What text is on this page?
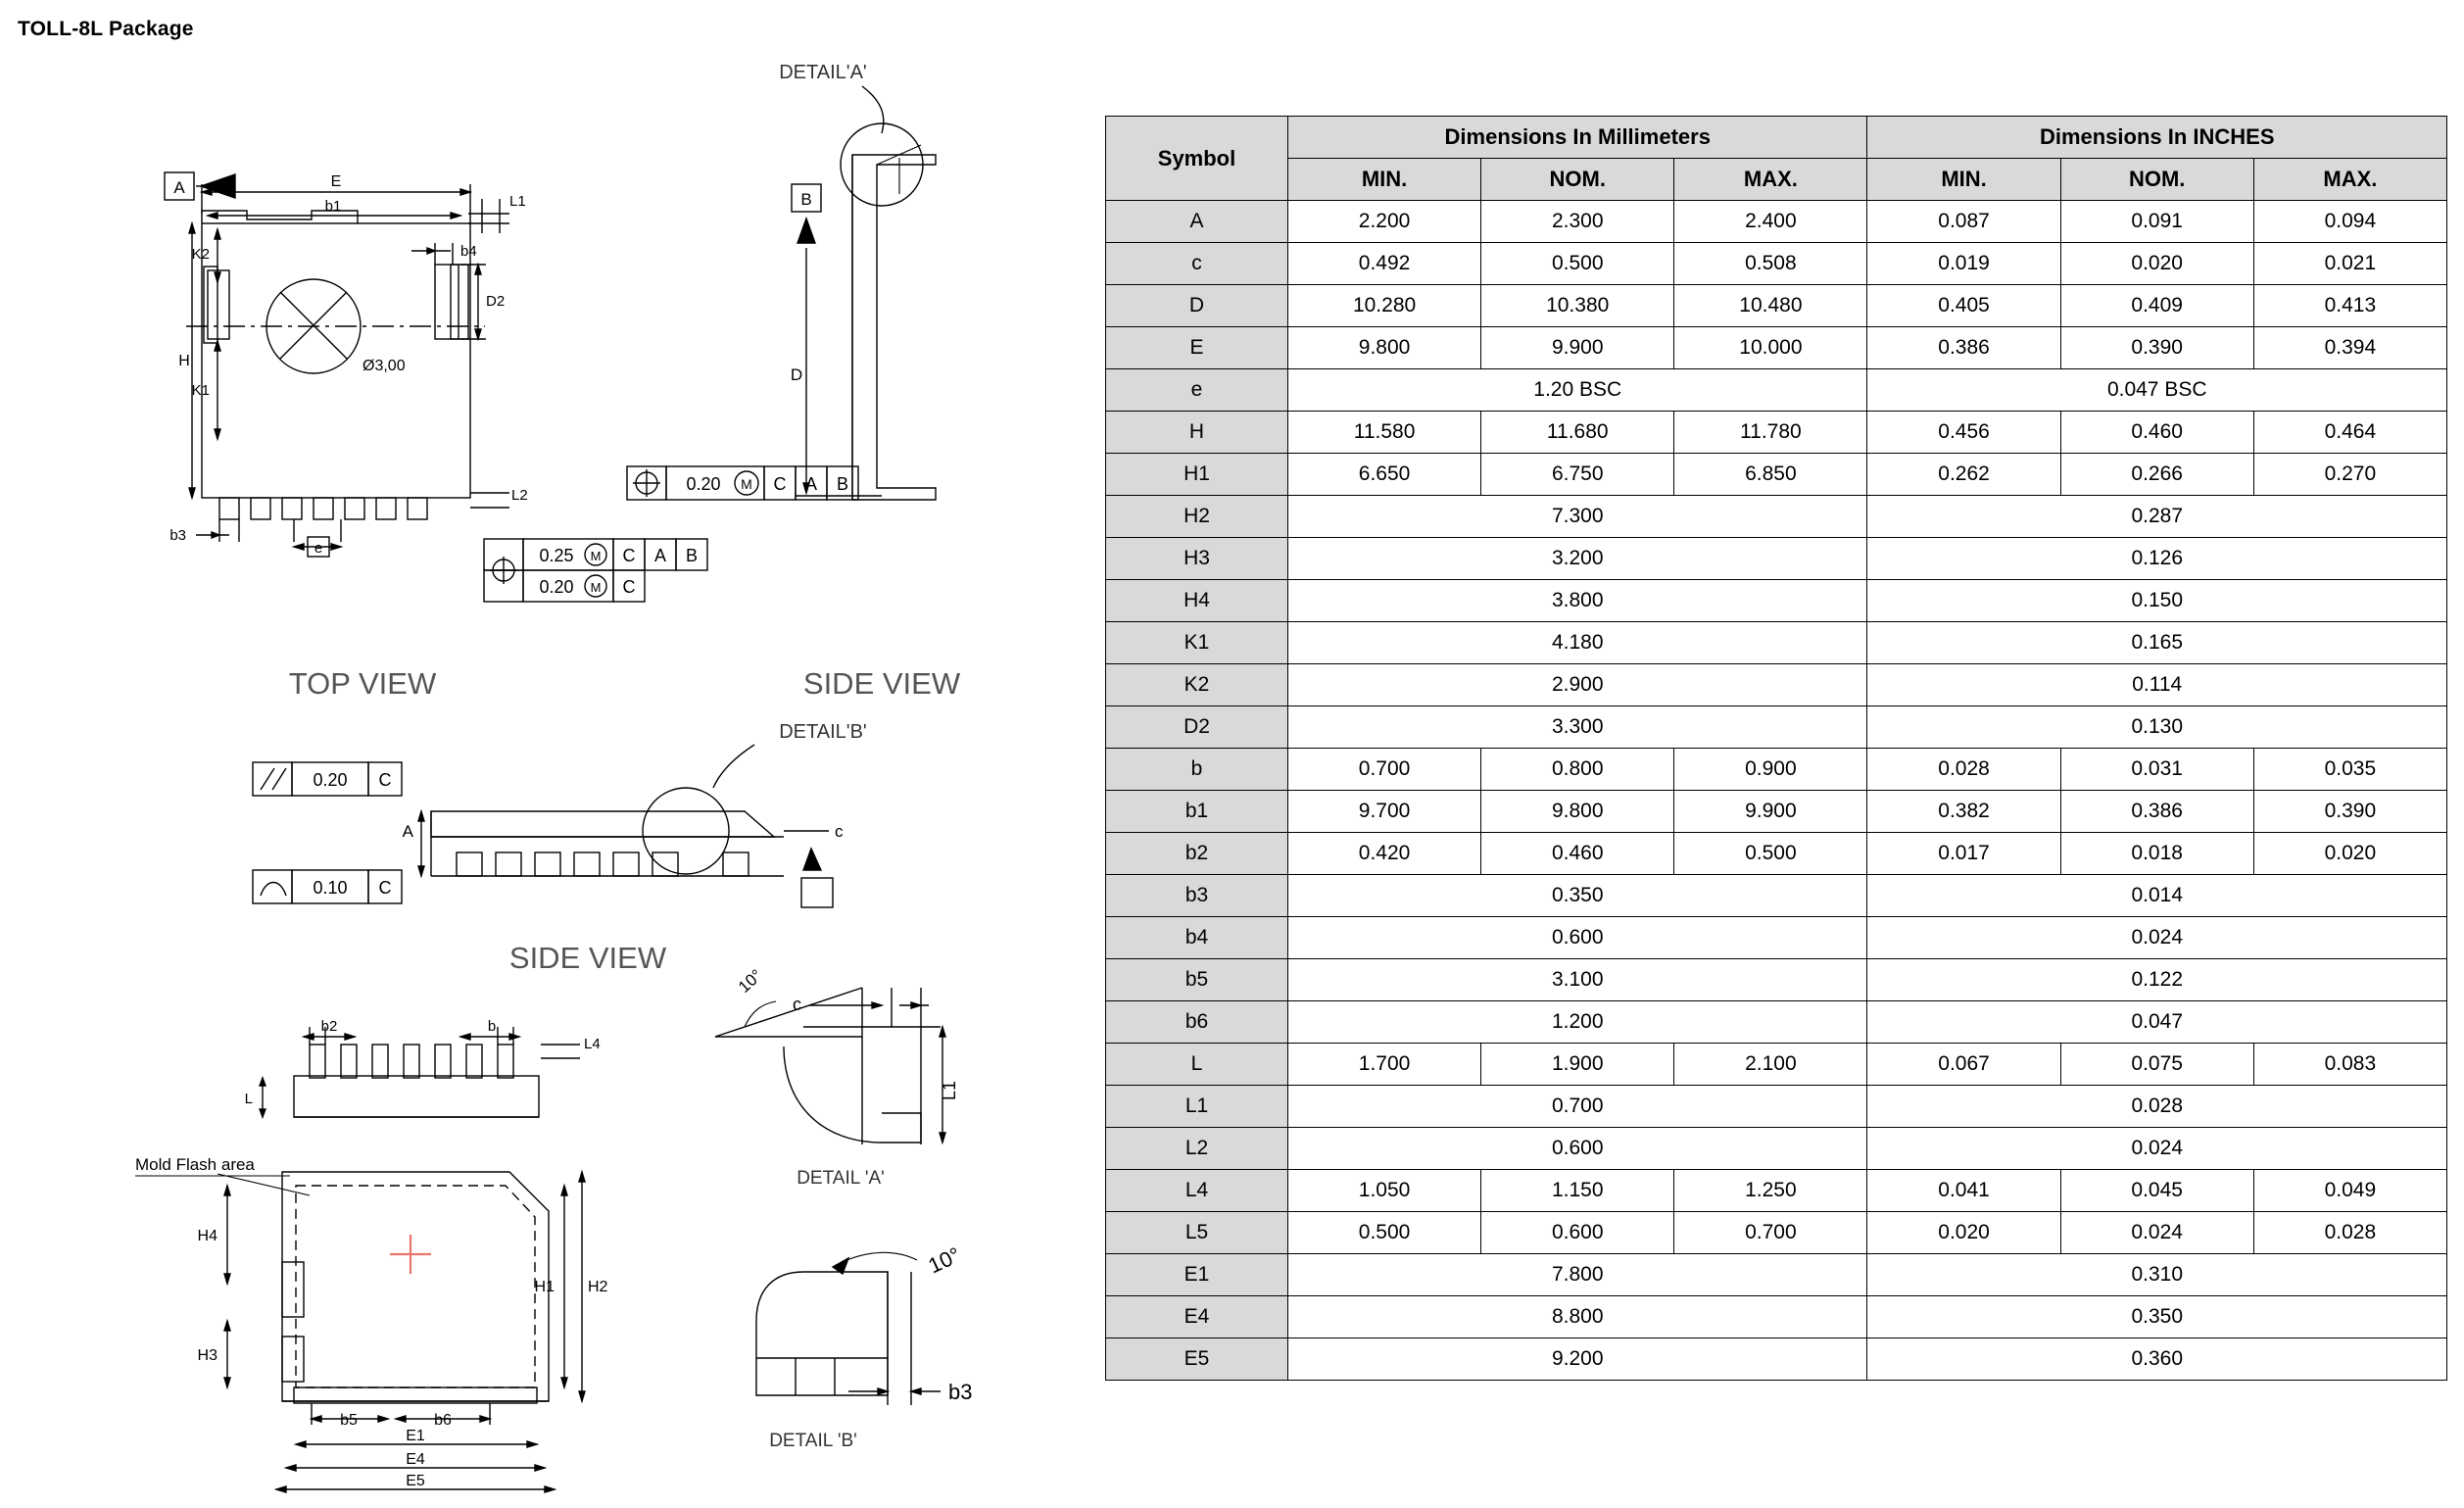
TOLL-8L Package
A
Ø3,00
E
b1	L1
H
K2
K1
b4
D2
L2
b3
e
TOP VIEW
DETAIL'A'
B
D
0.20 M C A B
0.25 M C A B
0.20 M C
SIDE VIEW
DETAIL'B'
0.20 C
0.10 C
A	c
SIDE VIEW
10°
c
L1
DETAIL 'A'
10°
b3
DETAIL 'B'
Mold Flash area
b2	b
L4
L
H4
H3
H1 H2
b5	b6
E1
E4
E5
Symbol	Dimensions In Millimeters			Dimensions In INCHES		
	MIN.	NOM.	MAX.	MIN.	NOM.	MAX.
A	2.200	2.300	2.400	0.087	0.091	0.094
c	0.492	0.500	0.508	0.019	0.020	0.021
D	10.280	10.380	10.480	0.405	0.409	0.413
E	9.800	9.900	10.000	0.386	0.390	0.394
e	1.20 BSC			0.047 BSC		
H	11.580	11.680	11.780	0.456	0.460	0.464
H1	6.650	6.750	6.850	0.262	0.266	0.270
H2	7.300			0.287		
H3	3.200			0.126		
H4	3.800			0.150		
K1	4.180			0.165		
K2	2.900			0.114		
D2	3.300			0.130		
b	0.700	0.800	0.900	0.028	0.031	0.035
b1	9.700	9.800	9.900	0.382	0.386	0.390
b2	0.420	0.460	0.500	0.017	0.018	0.020
b3	0.350			0.014		
b4	0.600			0.024		
b5	3.100			0.122		
b6	1.200			0.047		
L	1.700	1.900	2.100	0.067	0.075	0.083
L1	0.700			0.028		
L2	0.600			0.024		
L4	1.050	1.150	1.250	0.041	0.045	0.049
L5	0.500	0.600	0.700	0.020	0.024	0.028
E1	7.800			0.310		
E4	8.800			0.350		
E5	9.200			0.360		
